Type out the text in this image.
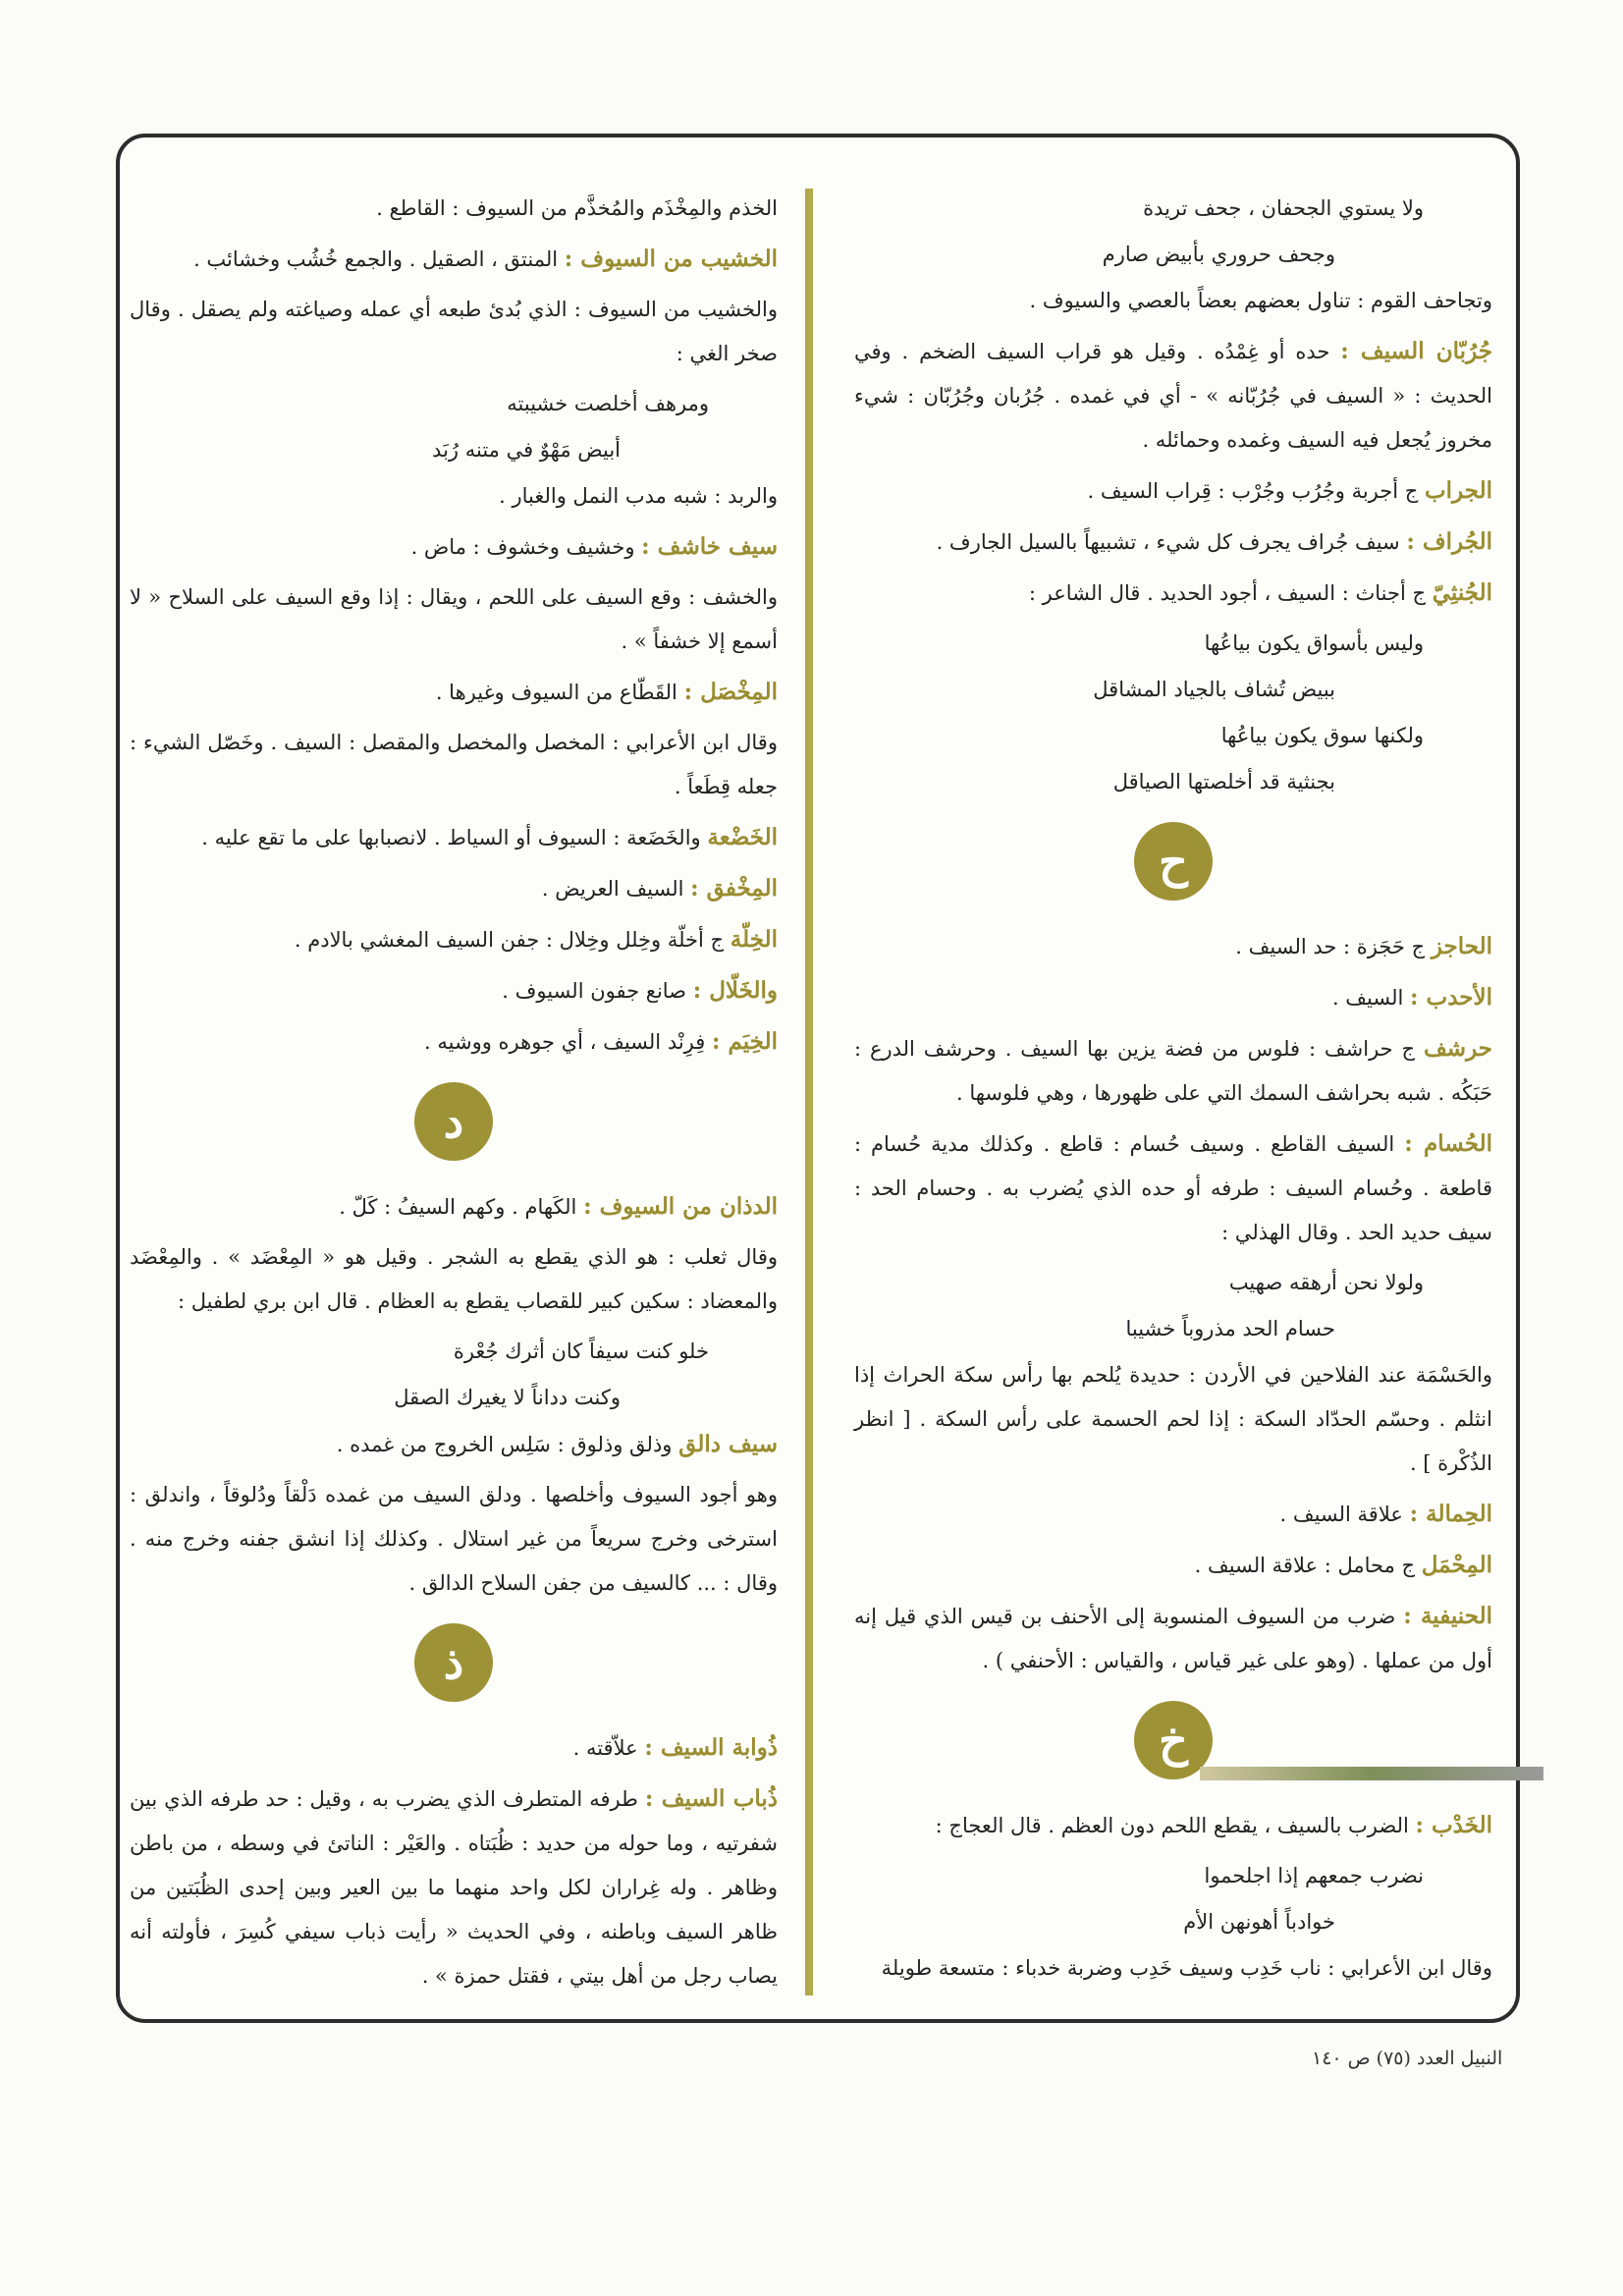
ولا يستوي الجحفان ، جحف تريدة
وجحف حروري بأبيض صارم
وتجاحف القوم : تناول بعضهم بعضاً بالعصي والسيوف .
جُرُبّان السيف : حده أو غِمْدُه . وقيل هو قراب السيف الضخم . وفي الحديث : « السيف في جُرُبّانه » - أي في غمده . جُرُبان وجُرُبّان : شيء مخروز يُجعل فيه السيف وغمده وحمائله .
الجراب ج أجربة وجُرُب وجُرْب : قِراب السيف .
الجُراف : سيف جُراف يجرف كل شيء ، تشبيهاً بالسيل الجارف .
الجُنثِيّ ج أجناث : السيف ، أجود الحديد . قال الشاعر :
وليس بأسواق يكون بياعُها
ببيض تُشاف بالجياد المشاقل
ولكنها سوق يكون بياعُها
بجنثية قد أخلصتها الصياقل
ح
الحاجز ج حَجَزة : حد السيف .
الأحدب : السيف .
حرشف ج حراشف : فلوس من فضة يزين بها السيف . وحرشف الدرع : حَبَكُه . شبه بحراشف السمك التي على ظهورها ، وهي فلوسها .
الحُسام : السيف القاطع . وسيف حُسام : قاطع . وكذلك مدية حُسام : قاطعة . وحُسام السيف : طرفه أو حده الذي يُضرب به . وحسام الحد : سيف حديد الحد . وقال الهذلي :
ولولا نحن أرهقه صهيب
حسام الحد مذروباً خشيبا
والحَسْمَة عند الفلاحين في الأردن : حديدة يُلحم بها رأس سكة الحراث إذا انثلم . وحسّم الحدّاد السكة : إذا لحم الحسمة على رأس السكة . [ انظر الذُكْرة ] .
الحِمالة : علاقة السيف .
المِحْمَل ج محامل : علاقة السيف .
الحنيفية : ضرب من السيوف المنسوبة إلى الأحنف بن قيس الذي قيل إنه أول من عملها . (وهو على غير قياس ، والقياس : الأحنفي ) .
خ
الخَدْب : الضرب بالسيف ، يقطع اللحم دون العظم . قال العجاج :
نضرب جمعهم إذا اجلحموا
خوادباً أهونهن الأم
وقال ابن الأعرابي : ناب خَدِب وسيف خَدِب وضربة خدباء : متسعة طويلة
الخذم والمِخْذَم والمُخذَّم من السيوف : القاطع .
الخشيب من السيوف : المنتق ، الصقيل . والجمع خُشُب وخشائب .
والخشيب من السيوف : الذي بُدئ طبعه أي عمله وصياغته ولم يصقل . وقال صخر الغي :
ومرهف أخلصت خشيبته
أبيض مَهْوٌ في متنه رُبَد
والربد : شبه مدب النمل والغبار .
سيف خاشف : وخشيف وخشوف : ماض .
والخشف : وقع السيف على اللحم ، ويقال : إذا وقع السيف على السلاح « لا أسمع إلا خشفاً » .
المِخْصَل : القَطّاع من السيوف وغيرها .
وقال ابن الأعرابي : المخصل والمخصل والمقصل : السيف . وخَصّل الشيء : جعله قِطَعاً .
الخَضْعة والخَضَعة : السيوف أو السياط . لانصبابها على ما تقع عليه .
المِخْفق : السيف العريض .
الخِلّة ج أخلّة وخِلل وخِلال : جفن السيف المغشي بالادم .
والخَلّال : صانع جفون السيوف .
الخِيَم : فِرِنْد السيف ، أي جوهره ووشيه .
د
الدذان من السيوف : الكَهام . وكهم السيفُ : كَلّ .
وقال ثعلب : هو الذي يقطع به الشجر . وقيل هو « المِعْضَد » . والمِعْضَد والمعضاد : سكين كبير للقصاب يقطع به العظام . قال ابن بري لطفيل :
خلو كنت سيفاً كان أثرك جُعْرة
وكنت دداناً لا يغيرك الصقل
سيف دالق وذلق وذلوق : سَلِس الخروج من غمده .
وهو أجود السيوف وأخلصها . ودلق السيف من غمده دَلْقاً ودُلوقاً ، واندلق : استرخى وخرج سريعاً من غير استلال . وكذلك إذا انشق جفنه وخرج منه . وقال : ... كالسيف من جفن السلاح الدالق .
ذ
ذُوابة السيف : علاّقته .
ذُباب السيف : طرفه المتطرف الذي يضرب به ، وقيل : حد طرفه الذي بين شفرتيه ، وما حوله من حديد : ظُبَتاه . والعَيْر : الناتئ في وسطه ، من باطن وظاهر . وله غِراران لكل واحد منهما ما بين العير وبين إحدى الظُبَتين من ظاهر السيف وباطنه ، وفي الحديث « رأيت ذباب سيفي كُسِرَ ، فأولته أنه يصاب رجل من أهل بيتي ، فقتل حمزة » .
النبيل العدد (٧٥) ص ١٤٠
